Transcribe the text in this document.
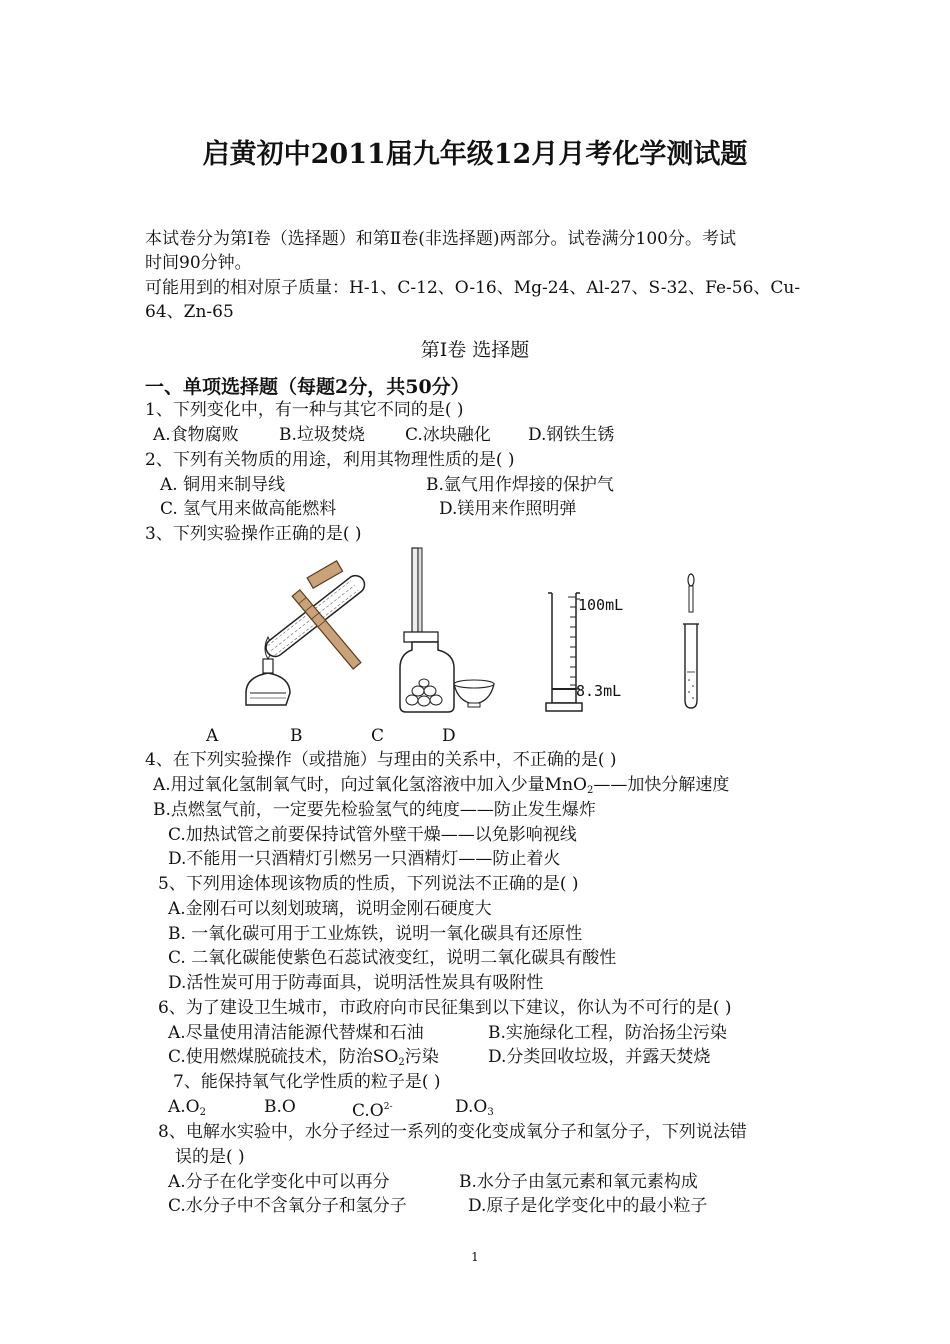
启黄初中2011届九年级12月月考化学测试题
本试卷分为第Ⅰ卷（选择题）和第Ⅱ卷(非选择题)两部分。试卷满分100分。考试
时间90分钟。
可能用到的相对原子质量：H-1、C-12、O-16、Mg-24、Al-27、S-32、Fe-56、Cu-
64、Zn-65
第Ⅰ卷 选择题
一、单项选择题（每题2分，共50分）
1、下列变化中，有一种与其它不同的是( )
A.食物腐败 B.垃圾焚烧 C.冰块融化 D.钢铁生锈
2、下列有关物质的用途，利用其物理性质的是( )
A. 铜用来制导线	B.氩气用作焊接的保护气
C. 氢气用来做高能燃料	D.镁用来作照明弹
3、下列实验操作正确的是( )
100mL
8.3mL
A	B	C	D
4、在下列实验操作（或措施）与理由的关系中，不正确的是( )
A.用过氧化氢制氧气时，向过氧化氢溶液中加入少量MnO$_2$——加快分解速度
B.点燃氢气前，一定要先检验氢气的纯度——防止发生爆炸
C.加热试管之前要保持试管外壁干燥——以免影响视线
D.不能用一只酒精灯引燃另一只酒精灯——防止着火
5、下列用途体现该物质的性质，下列说法不正确的是( )
A.金刚石可以刻划玻璃，说明金刚石硬度大
B. 一氧化碳可用于工业炼铁，说明一氧化碳具有还原性
C. 二氧化碳能使紫色石蕊试液变红，说明二氧化碳具有酸性
D.活性炭可用于防毒面具，说明活性炭具有吸附性
6、为了建设卫生城市，市政府向市民征集到以下建议，你认为不可行的是( )
A.尽量使用清洁能源代替煤和石油	B.实施绿化工程，防治扬尘污染
C.使用燃煤脱硫技术，防治$SO_2$污染	D.分类回收垃圾，并露天焚烧
7、能保持氧气化学性质的粒子是( )
$A.O_2$	B.O	$C.O^{2-}$	$D.O_3$
8、电解水实验中，水分子经过一系列的变化变成氧分子和氢分子，下列说法错
误的是( )
A.分子在化学变化中可以再分	B.水分子由氢元素和氧元素构成
C.水分子中不含氧分子和氢分子	D.原子是化学变化中的最小粒子
1
